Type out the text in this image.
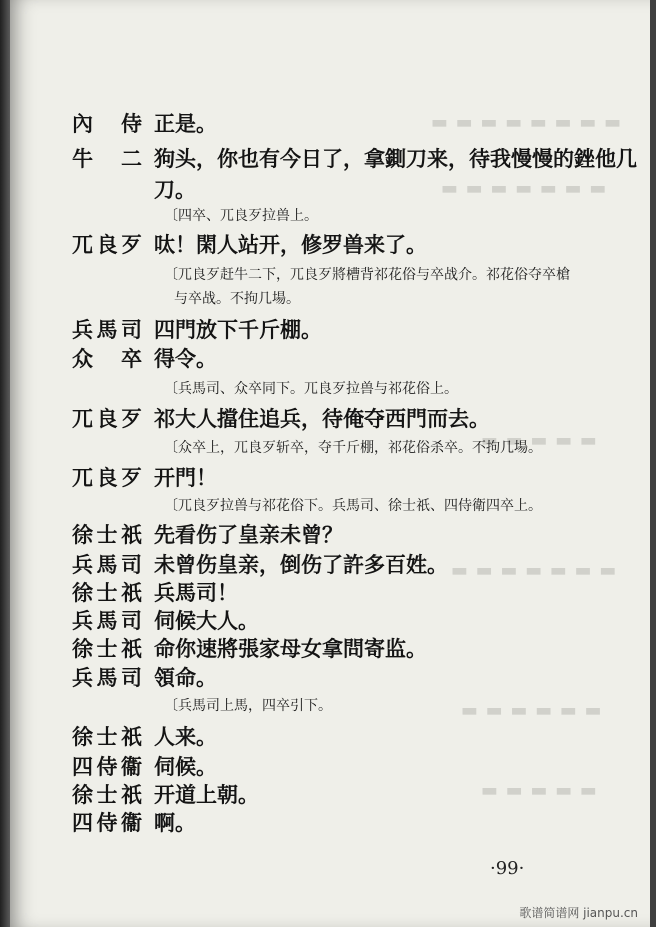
▬ ▬ ▬ ▬ ▬ ▬ ▬ ▬
▬ ▬ ▬ ▬ ▬ ▬ ▬
▬ ▬ ▬ ▬ ▬
▬ ▬ ▬ ▬ ▬ ▬ ▬
▬ ▬ ▬ ▬ ▬ ▬
▬ ▬ ▬ ▬ ▬
內 侍 正是。
牛 二 狗头，你也有今日了，拿鍘刀来，待我慢慢的銼他几
刀。
〔四卒、兀良歹拉兽上。
兀良歹 呔！閑人站开，修罗兽来了。
〔兀良歹赶牛二下，兀良歹將槽背祁花俗与卒战介。祁花俗夺卒槍
与卒战。不拘几場。
兵馬司 四門放下千斤棚。
众 卒 得令。
〔兵馬司、众卒同下。兀良歹拉兽与祁花俗上。
兀良歹 祁大人擋住追兵，待俺夺西門而去。
〔众卒上，兀良歹斩卒，夺千斤棚，祁花俗杀卒。不拘几場。
兀良歹 开門！
〔兀良歹拉兽与祁花俗下。兵馬司、徐士祇、四侍衛四卒上。
徐士祇 先看伤了皇亲未曾？
兵馬司 未曾伤皇亲，倒伤了許多百姓。
徐士祇 兵馬司！
兵馬司 伺候大人。
徐士祇 命你速將張家母女拿問寄监。
兵馬司 領命。
〔兵馬司上馬，四卒引下。
徐士祇 人来。
四侍衞 伺候。
徐士祇 开道上朝。
四侍衞 啊。
·99·
歌谱简谱网 jianpu.cn
